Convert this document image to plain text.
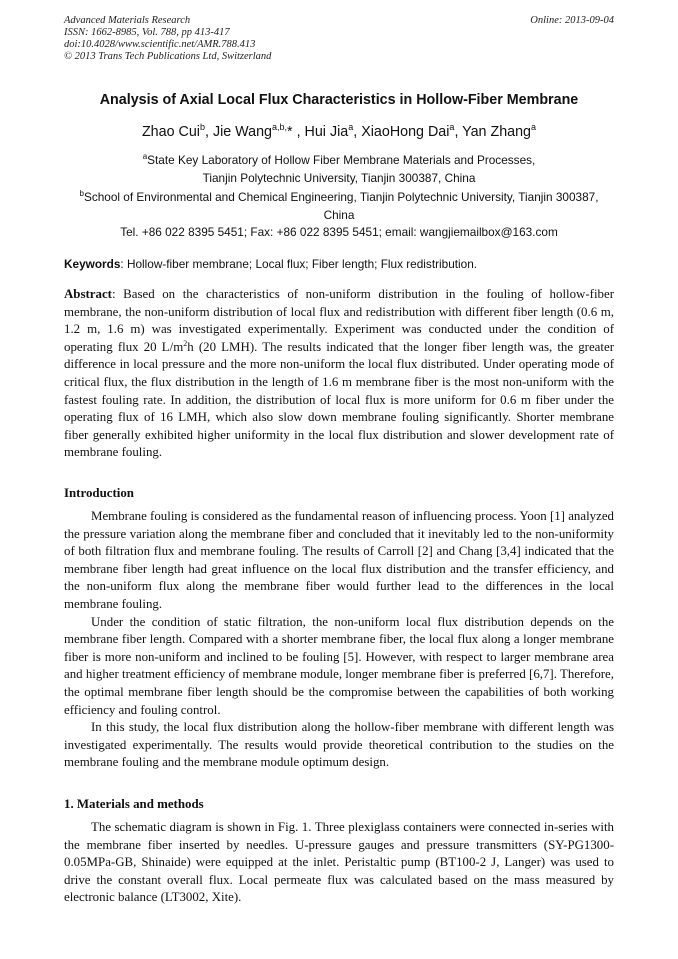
Advanced Materials Research
ISSN: 1662-8985, Vol. 788, pp 413-417
doi:10.4028/www.scientific.net/AMR.788.413
© 2013 Trans Tech Publications Ltd, Switzerland
Online: 2013-09-04
Analysis of Axial Local Flux Characteristics in Hollow-Fiber Membrane
Zhao Cui$^b$, Jie Wang$^{a,b,}$* , Hui Jia$^a$, XiaoHong Dai$^a$, Yan Zhang$^a$
$^a$State Key Laboratory of Hollow Fiber Membrane Materials and Processes,
Tianjin Polytechnic University, Tianjin 300387, China
$^b$School of Environmental and Chemical Engineering, Tianjin Polytechnic University, Tianjin 300387,
China
Tel. +86 022 8395 5451; Fax: +86 022 8395 5451; email: wangjiemailbox@163.com
Keywords: Hollow-fiber membrane; Local flux; Fiber length; Flux redistribution.

Abstract: Based on the characteristics of non-uniform distribution in the fouling of hollow-fiber membrane, the non-uniform distribution of local flux and redistribution with different fiber length (0.6 m, 1.2 m, 1.6 m) was investigated experimentally. Experiment was conducted under the condition of operating flux 20 $L/m^2h$ (20 LMH). The results indicated that the longer fiber length was, the greater difference in local pressure and the more non-uniform the local flux distributed. Under operating mode of critical flux, the flux distribution in the length of 1.6 m membrane fiber is the most non-uniform with the fastest fouling rate. In addition, the distribution of local flux is more uniform for 0.6 m fiber under the operating flux of 16 LMH, which also slow down membrane fouling significantly. Shorter membrane fiber generally exhibited higher uniformity in the local flux distribution and slower development rate of membrane fouling.

Introduction

Membrane fouling is considered as the fundamental reason of influencing process. Yoon [1] analyzed the pressure variation along the membrane fiber and concluded that it inevitably led to the non-uniformity of both filtration flux and membrane fouling. The results of Carroll [2] and Chang [3,4] indicated that the membrane fiber length had great influence on the local flux distribution and the transfer efficiency, and the non-uniform flux along the membrane fiber would further lead to the differences in the local membrane fouling.

Under the condition of static filtration, the non-uniform local flux distribution depends on the membrane fiber length. Compared with a shorter membrane fiber, the local flux along a longer membrane fiber is more non-uniform and inclined to be fouling [5]. However, with respect to larger membrane area and higher treatment efficiency of membrane module, longer membrane fiber is preferred [6,7]. Therefore, the optimal membrane fiber length should be the compromise between the capabilities of both working efficiency and fouling control.

In this study, the local flux distribution along the hollow-fiber membrane with different length was investigated experimentally. The results would provide theoretical contribution to the studies on the membrane fouling and the membrane module optimum design.

1. Materials and methods

The schematic diagram is shown in Fig. 1. Three plexiglass containers were connected in-series with the membrane fiber inserted by needles. U-pressure gauges and pressure transmitters (SY-PG1300-0.05MPa-GB, Shinaide) were equipped at the inlet. Peristaltic pump (BT100-2 J, Langer) was used to drive the constant overall flux. Local permeate flux was calculated based on the mass measured by electronic balance (LT3002, Xite).
